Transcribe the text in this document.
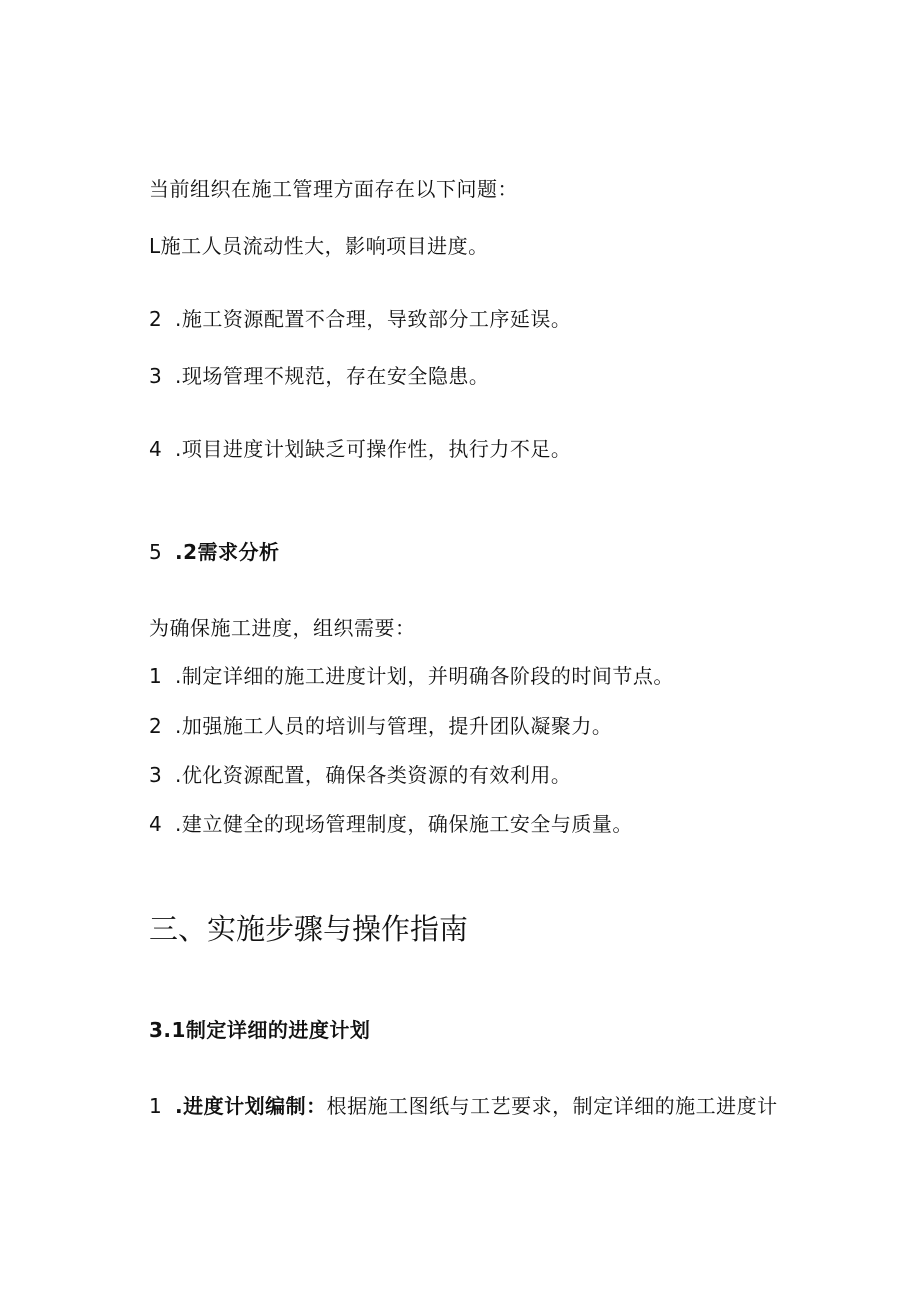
当前组织在施工管理方面存在以下问题：
L施工人员流动性大，影响项目进度。
2 .施工资源配置不合理，导致部分工序延误。
3 .现场管理不规范，存在安全隐患。
4 .项目进度计划缺乏可操作性，执行力不足。
5 .2需求分析
为确保施工进度，组织需要：
1 .制定详细的施工进度计划，并明确各阶段的时间节点。
2 .加强施工人员的培训与管理，提升团队凝聚力。
3 .优化资源配置，确保各类资源的有效利用。
4 .建立健全的现场管理制度，确保施工安全与质量。
三、实施步骤与操作指南
3.1制定详细的进度计划
1 .进度计划编制：根据施工图纸与工艺要求，制定详细的施工进度计
